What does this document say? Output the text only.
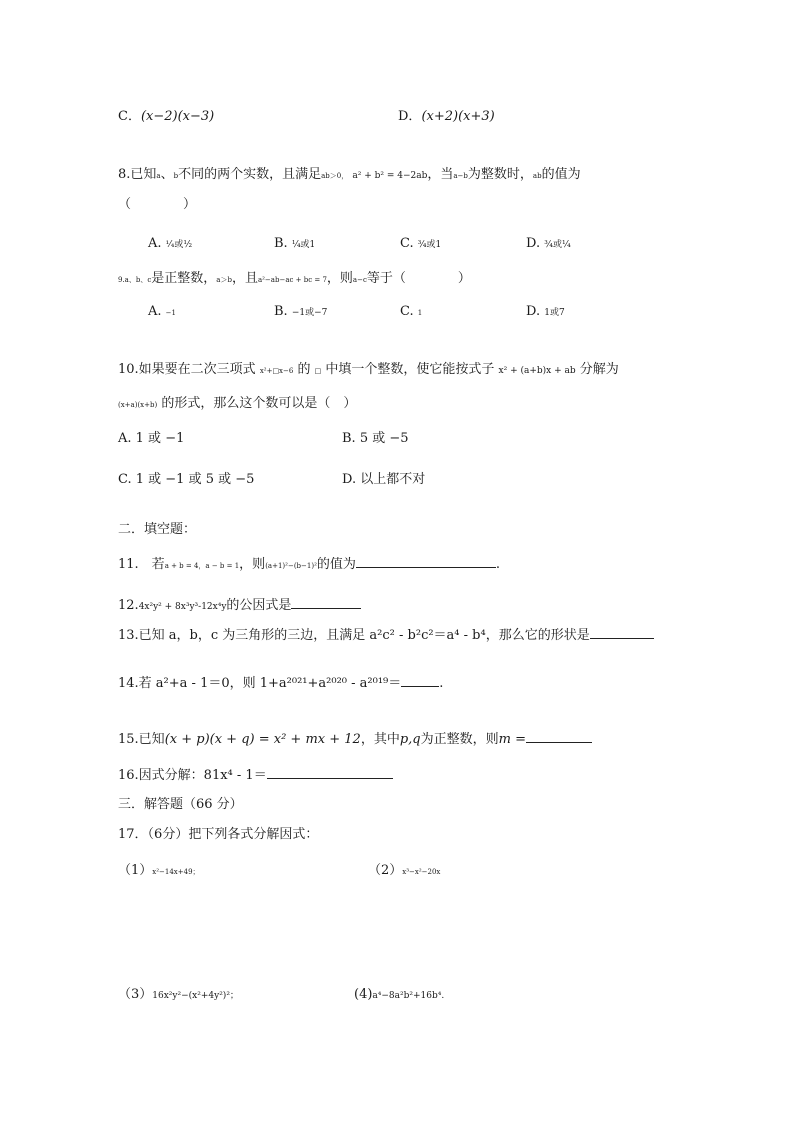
C．(x−2)(x−3)	D．(x+2)(x+3)
8.已知a、b不同的两个实数，且满足ab＞0， a² + b² = 4−2ab，当a−b为整数时，ab的值为
（　　　　）
A. ¹⁄₄或½	B. ¼或1	C. ¾或1	D. ¾或¼
9.a、b、c是正整数，a＞b，且a²−ab−ac + bc = 7，则a−c等于（　　　　）
A. −1	B. −1或−7	C. 1	D. 1或7
10.如果要在二次三项式 x²+□x−6 的 □ 中填一个整数，使它能按式子 x² + (a+b)x + ab 分解为
(x+a)(x+b) 的形式，那么这个数可以是（　）
A. 1 或 −1	B. 5 或 −5
C. 1 或 −1 或 5 或 −5	D. 以上都不对
二．填空题：
11.　若a + b = 4，a − b = 1，则(a+1)²−(b−1)²的值为	.
12.4x²y² + 8x³y³-12x⁴y的公因式是
13.已知 a，b，c 为三角形的三边，且满足 a²c² - b²c²＝a⁴ - b⁴，那么它的形状是
14.若 a²+a - 1＝0，则 1+a²⁰²¹+a²⁰²⁰ - a²⁰¹⁹＝	.
15.已知(x + p)(x + q) = x² + mx + 12，其中p,q为正整数，则m =
16.因式分解：81x⁴ - 1＝
三．解答题（66 分）
17．（6分）把下列各式分解因式：
（1）x²−14x+49；	（2）x³−x²−20x
（3）16x²y²−(x²+4y²)²；	(4)a⁴−8a²b²+16b⁴.
